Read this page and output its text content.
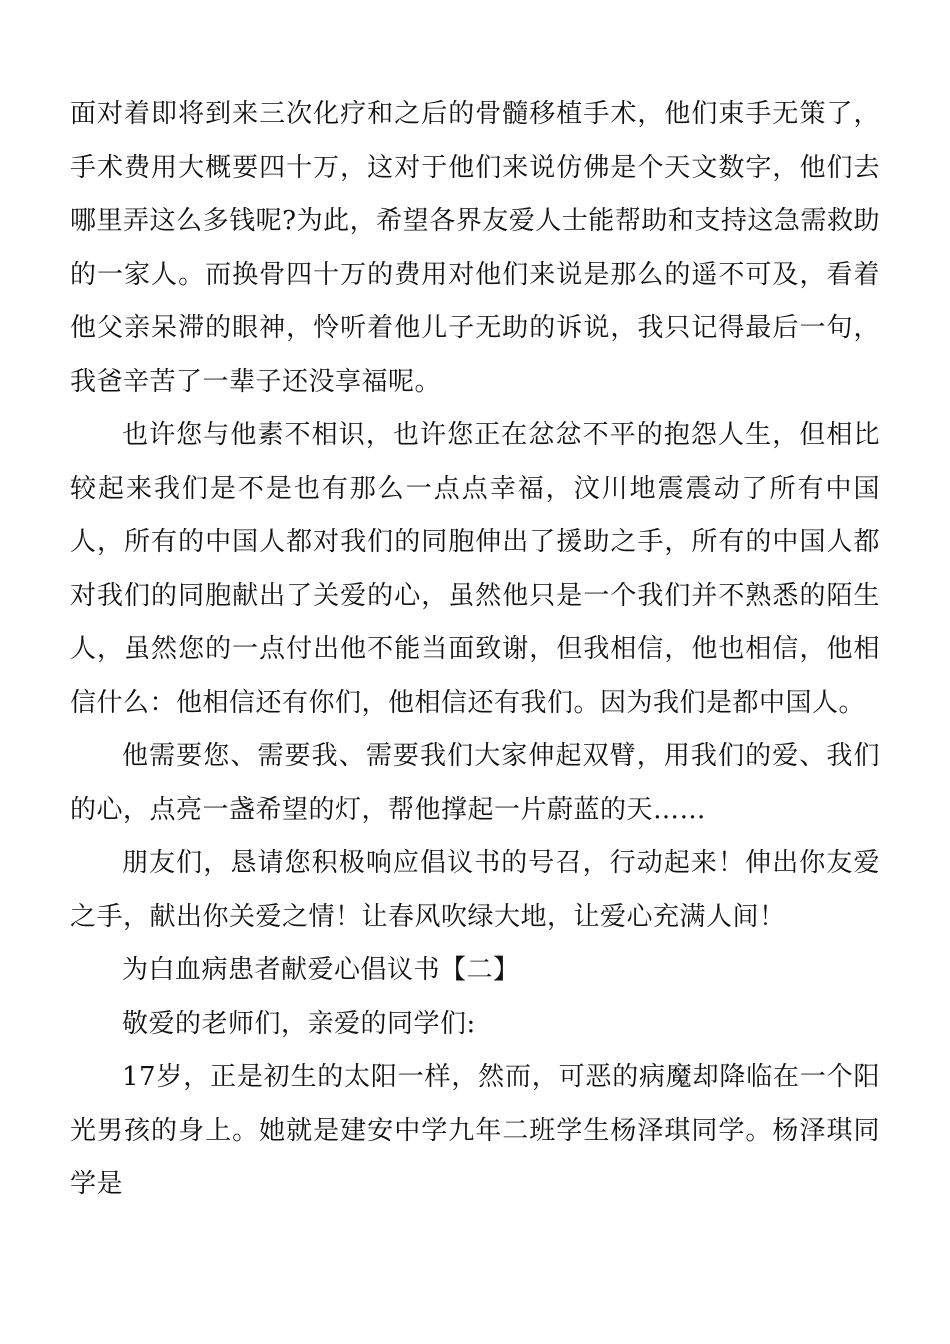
面对着即将到来三次化疗和之后的骨髓移植手术，他们束手无策了，手术费用大概要四十万，这对于他们来说仿佛是个天文数字，他们去哪里弄这么多钱呢?为此，希望各界友爱人士能帮助和支持这急需救助的一家人。而换骨四十万的费用对他们来说是那么的遥不可及，看着他父亲呆滞的眼神，怜听着他儿子无助的诉说，我只记得最后一句，我爸辛苦了一辈子还没享福呢。

也许您与他素不相识，也许您正在忿忿不平的抱怨人生，但相比较起来我们是不是也有那么一点点幸福，汶川地震震动了所有中国人，所有的中国人都对我们的同胞伸出了援助之手，所有的中国人都对我们的同胞献出了关爱的心，虽然他只是一个我们并不熟悉的陌生人，虽然您的一点付出他不能当面致谢，但我相信，他也相信，他相信什么：他相信还有你们，他相信还有我们。因为我们是都中国人。

他需要您、需要我、需要我们大家伸起双臂，用我们的爱、我们的心，点亮一盏希望的灯，帮他撑起一片蔚蓝的天……

朋友们，恳请您积极响应倡议书的号召，行动起来！伸出你友爱之手，献出你关爱之情！让春风吹绿大地，让爱心充满人间！

为白血病患者献爱心倡议书【二】

敬爱的老师们，亲爱的同学们:

17岁，正是初生的太阳一样，然而，可恶的病魔却降临在一个阳光男孩的身上。她就是建安中学九年二班学生杨泽琪同学。杨泽琪同学是
